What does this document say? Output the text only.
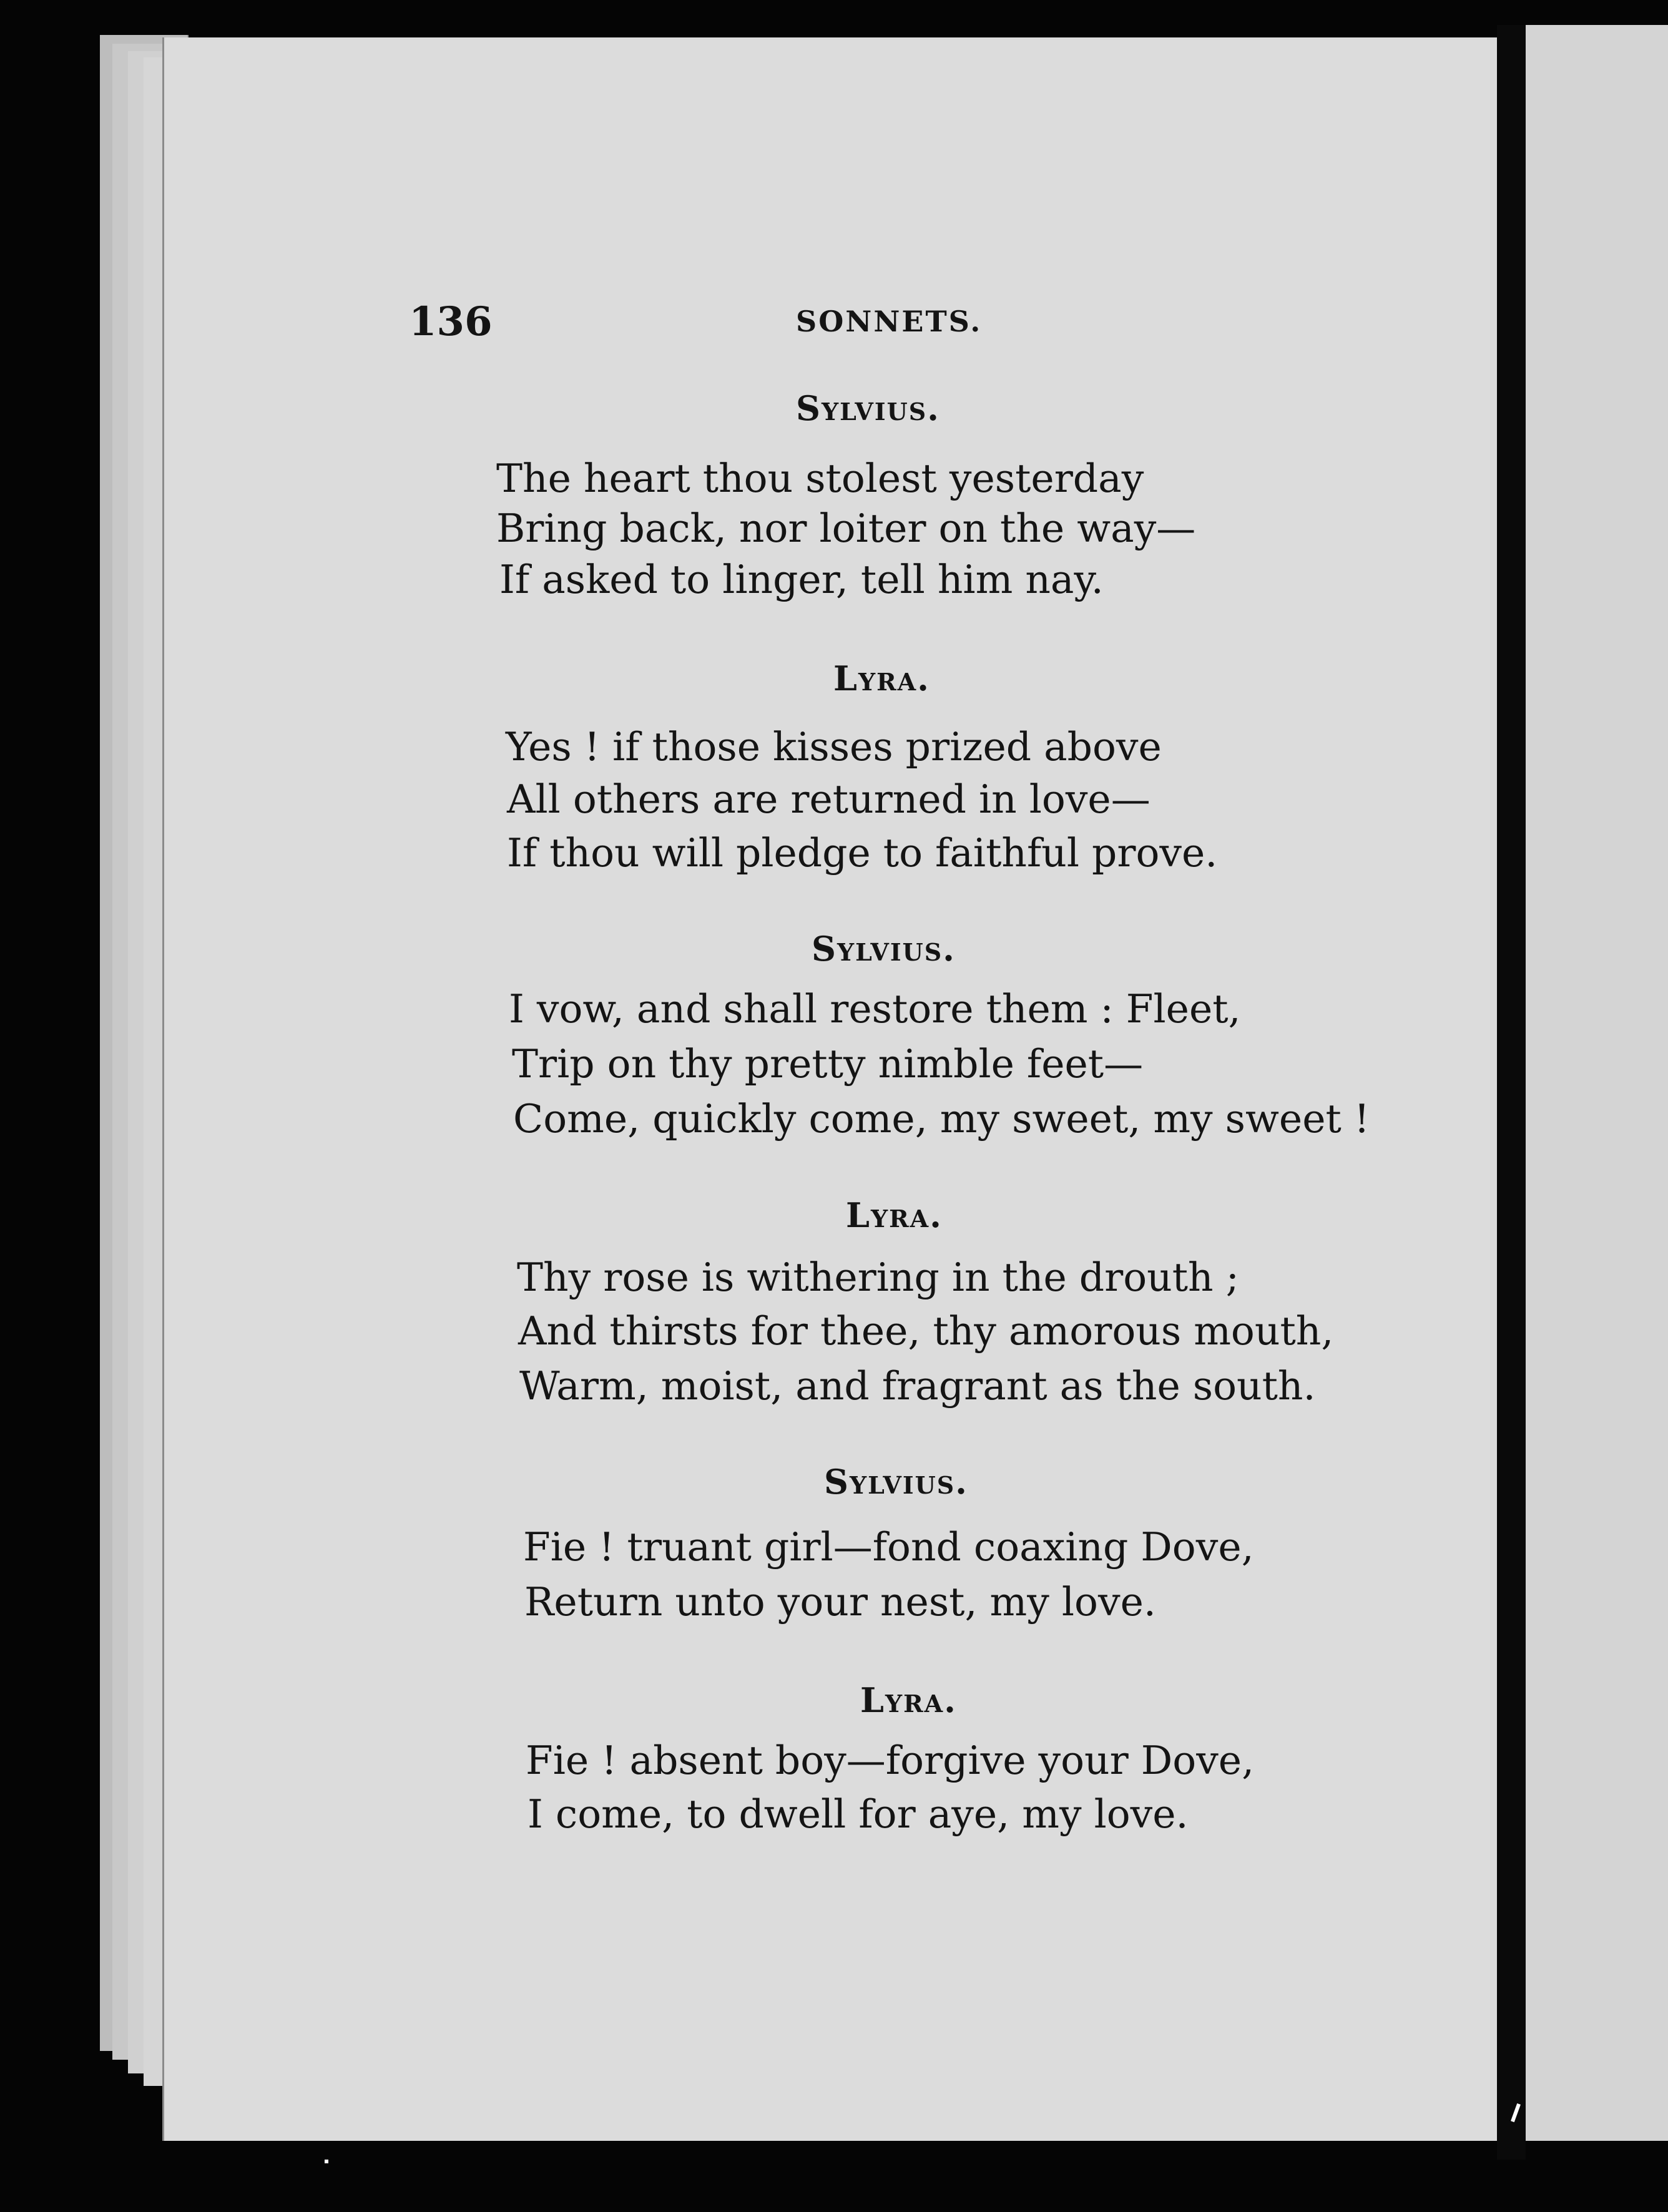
136	SONNETS.
Sylvius.
The heart thou stolest yesterday
Bring back, nor loiter on the way—
If asked to linger, tell him nay.
Lyra.
Yes ! if those kisses prized above
All others are returned in love—
If thou will pledge to faithful prove.
Sylvius.
I vow, and shall restore them : Fleet,
Trip on thy pretty nimble feet—
Come, quickly come, my sweet, my sweet !
Lyra.
Thy rose is withering in the drouth ;
And thirsts for thee, thy amorous mouth,
Warm, moist, and fragrant as the south.
Sylvius.
Fie ! truant girl—fond coaxing Dove,
Return unto your nest, my love.
Lyra.
Fie ! absent boy—forgive your Dove,
I come, to dwell for aye, my love.
